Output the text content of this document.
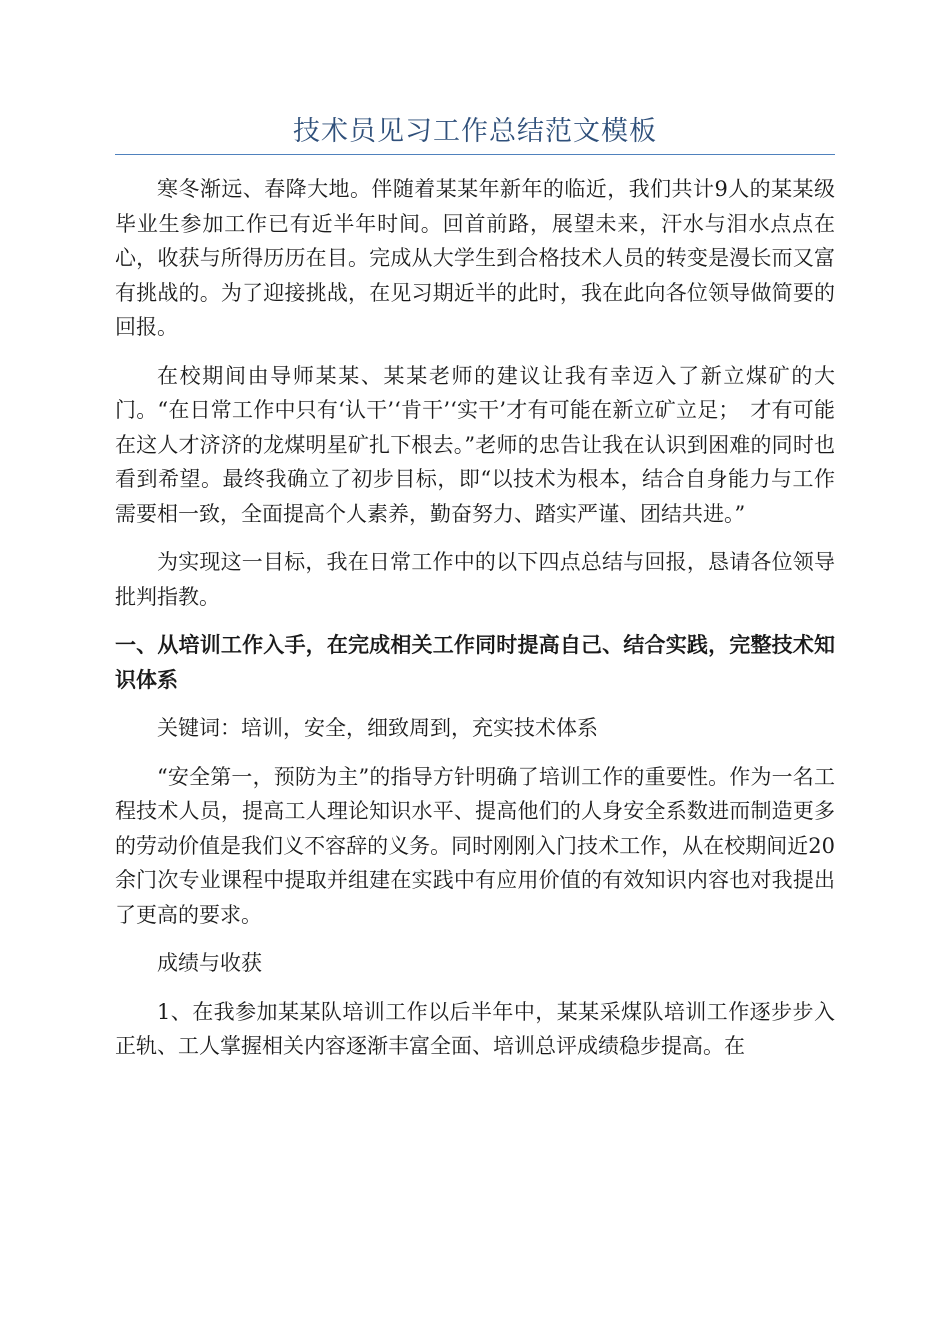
技术员见习工作总结范文模板

寒冬渐远、春降大地。伴随着某某年新年的临近，我们共计9人的某某级毕业生参加工作已有近半年时间。回首前路，展望未来，汗水与泪水点点在心，收获与所得历历在目。完成从大学生到合格技术人员的转变是漫长而又富有挑战的。为了迎接挑战，在见习期近半的此时，我在此向各位领导做简要的回报。

在校期间由导师某某、某某老师的建议让我有幸迈入了新立煤矿的大门。“在日常工作中只有‘认干’‘肯干’‘实干’才有可能在新立矿立足；　才有可能在这人才济济的龙煤明星矿扎下根去。”老师的忠告让我在认识到困难的同时也看到希望。最终我确立了初步目标，即“以技术为根本，结合自身能力与工作需要相一致，全面提高个人素养，勤奋努力、踏实严谨、团结共进。”

为实现这一目标，我在日常工作中的以下四点总结与回报，恳请各位领导批判指教。

一、从培训工作入手，在完成相关工作同时提高自己、结合实践，完整技术知识体系

关键词：培训，安全，细致周到，充实技术体系

“安全第一，预防为主”的指导方针明确了培训工作的重要性。作为一名工程技术人员，提高工人理论知识水平、提高他们的人身安全系数进而制造更多的劳动价值是我们义不容辞的义务。同时刚刚入门技术工作，从在校期间近20余门次专业课程中提取并组建在实践中有应用价值的有效知识内容也对我提出了更高的要求。

成绩与收获

1、在我参加某某队培训工作以后半年中，某某采煤队培训工作逐步步入正轨、工人掌握相关内容逐渐丰富全面、培训总评成绩稳步提高。在
